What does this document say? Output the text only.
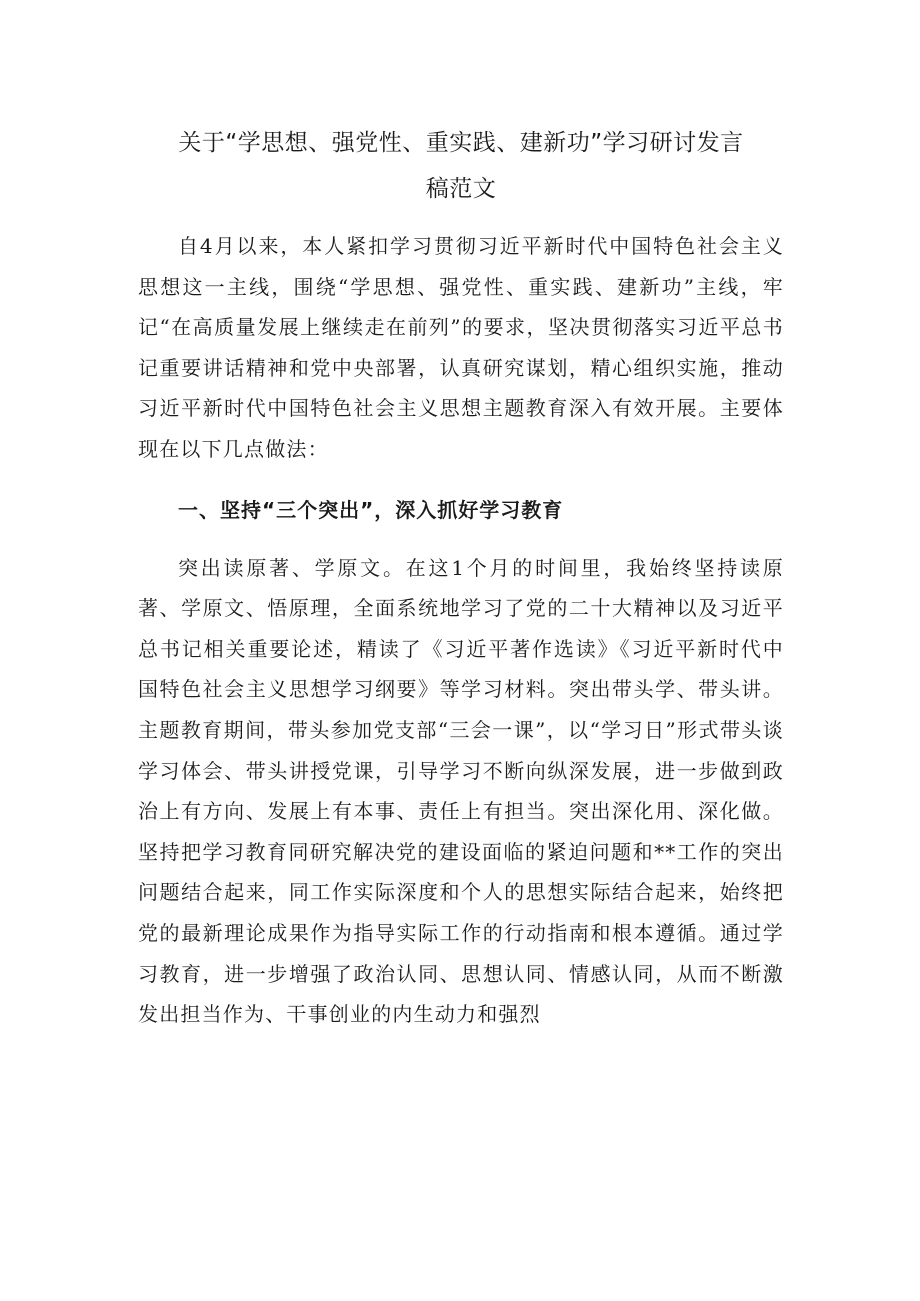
关于“学思想、强党性、重实践、建新功”学习研讨发言
稿范文

自4月以来，本人紧扣学习贯彻习近平新时代中国特色社会主义思想这一主线，围绕“学思想、强党性、重实践、建新功”主线，牢记“在高质量发展上继续走在前列”的要求，坚决贯彻落实习近平总书记重要讲话精神和党中央部署，认真研究谋划，精心组织实施，推动习近平新时代中国特色社会主义思想主题教育深入有效开展。主要体现在以下几点做法：

一、坚持“三个突出”，深入抓好学习教育

突出读原著、学原文。在这1个月的时间里，我始终坚持读原著、学原文、悟原理，全面系统地学习了党的二十大精神以及习近平总书记相关重要论述，精读了《习近平著作选读》《习近平新时代中国特色社会主义思想学习纲要》等学习材料。突出带头学、带头讲。主题教育期间，带头参加党支部“三会一课”，以“学习日”形式带头谈学习体会、带头讲授党课，引导学习不断向纵深发展，进一步做到政治上有方向、发展上有本事、责任上有担当。突出深化用、深化做。坚持把学习教育同研究解决党的建设面临的紧迫问题和**工作的突出问题结合起来，同工作实际深度和个人的思想实际结合起来，始终把党的最新理论成果作为指导实际工作的行动指南和根本遵循。通过学习教育，进一步增强了政治认同、思想认同、情感认同，从而不断激发出担当作为、干事创业的内生动力和强烈
